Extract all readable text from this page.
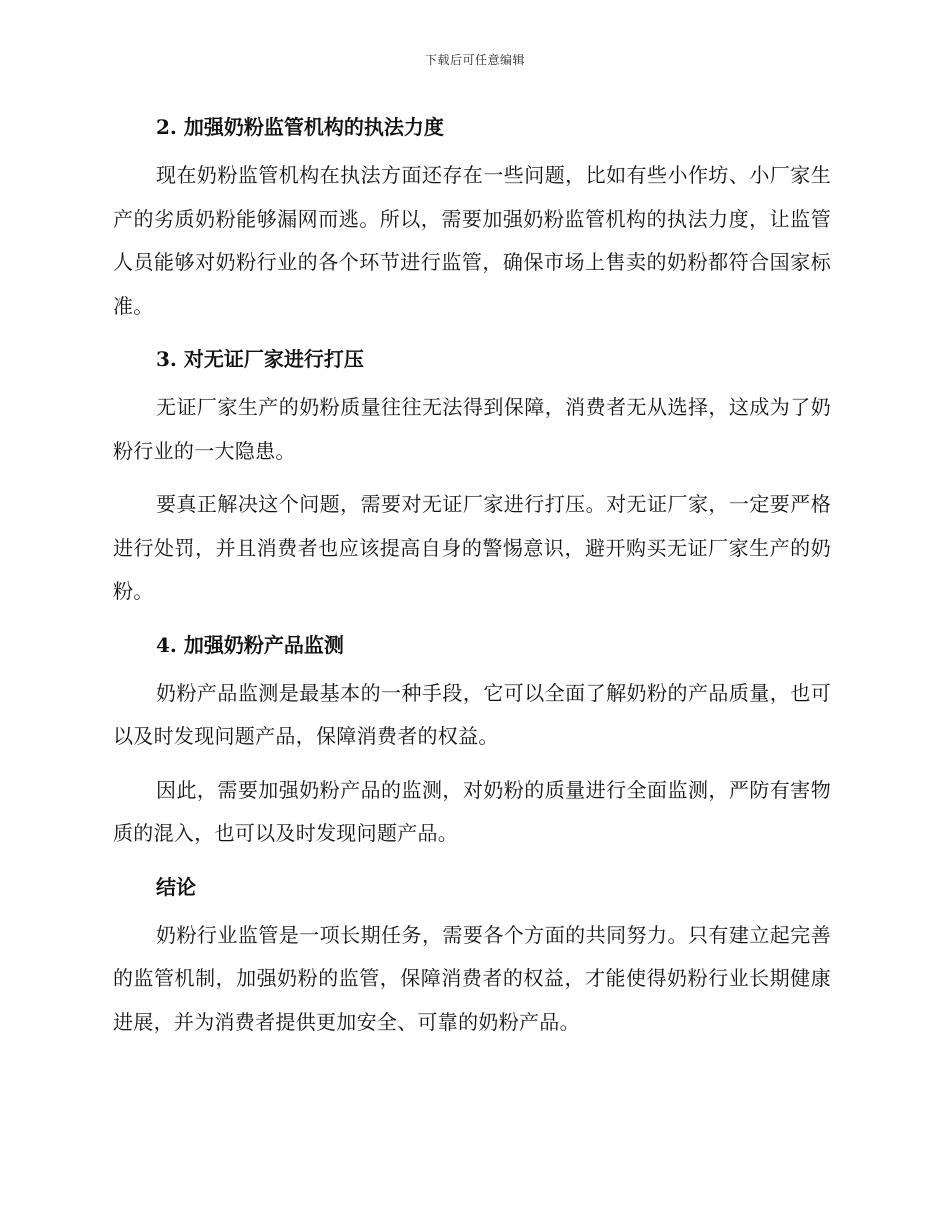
下载后可任意编辑
2. 加强奶粉监管机构的执法力度
现在奶粉监管机构在执法方面还存在一些问题，比如有些小作坊、小厂家生产的劣质奶粉能够漏网而逃。所以，需要加强奶粉监管机构的执法力度，让监管人员能够对奶粉行业的各个环节进行监管，确保市场上售卖的奶粉都符合国家标准。
3. 对无证厂家进行打压
无证厂家生产的奶粉质量往往无法得到保障，消费者无从选择，这成为了奶粉行业的一大隐患。
要真正解决这个问题，需要对无证厂家进行打压。对无证厂家，一定要严格进行处罚，并且消费者也应该提高自身的警惕意识，避开购买无证厂家生产的奶粉。
4. 加强奶粉产品监测
奶粉产品监测是最基本的一种手段，它可以全面了解奶粉的产品质量，也可以及时发现问题产品，保障消费者的权益。
因此，需要加强奶粉产品的监测，对奶粉的质量进行全面监测，严防有害物质的混入，也可以及时发现问题产品。
结论
奶粉行业监管是一项长期任务，需要各个方面的共同努力。只有建立起完善的监管机制，加强奶粉的监管，保障消费者的权益，才能使得奶粉行业长期健康进展，并为消费者提供更加安全、可靠的奶粉产品。
